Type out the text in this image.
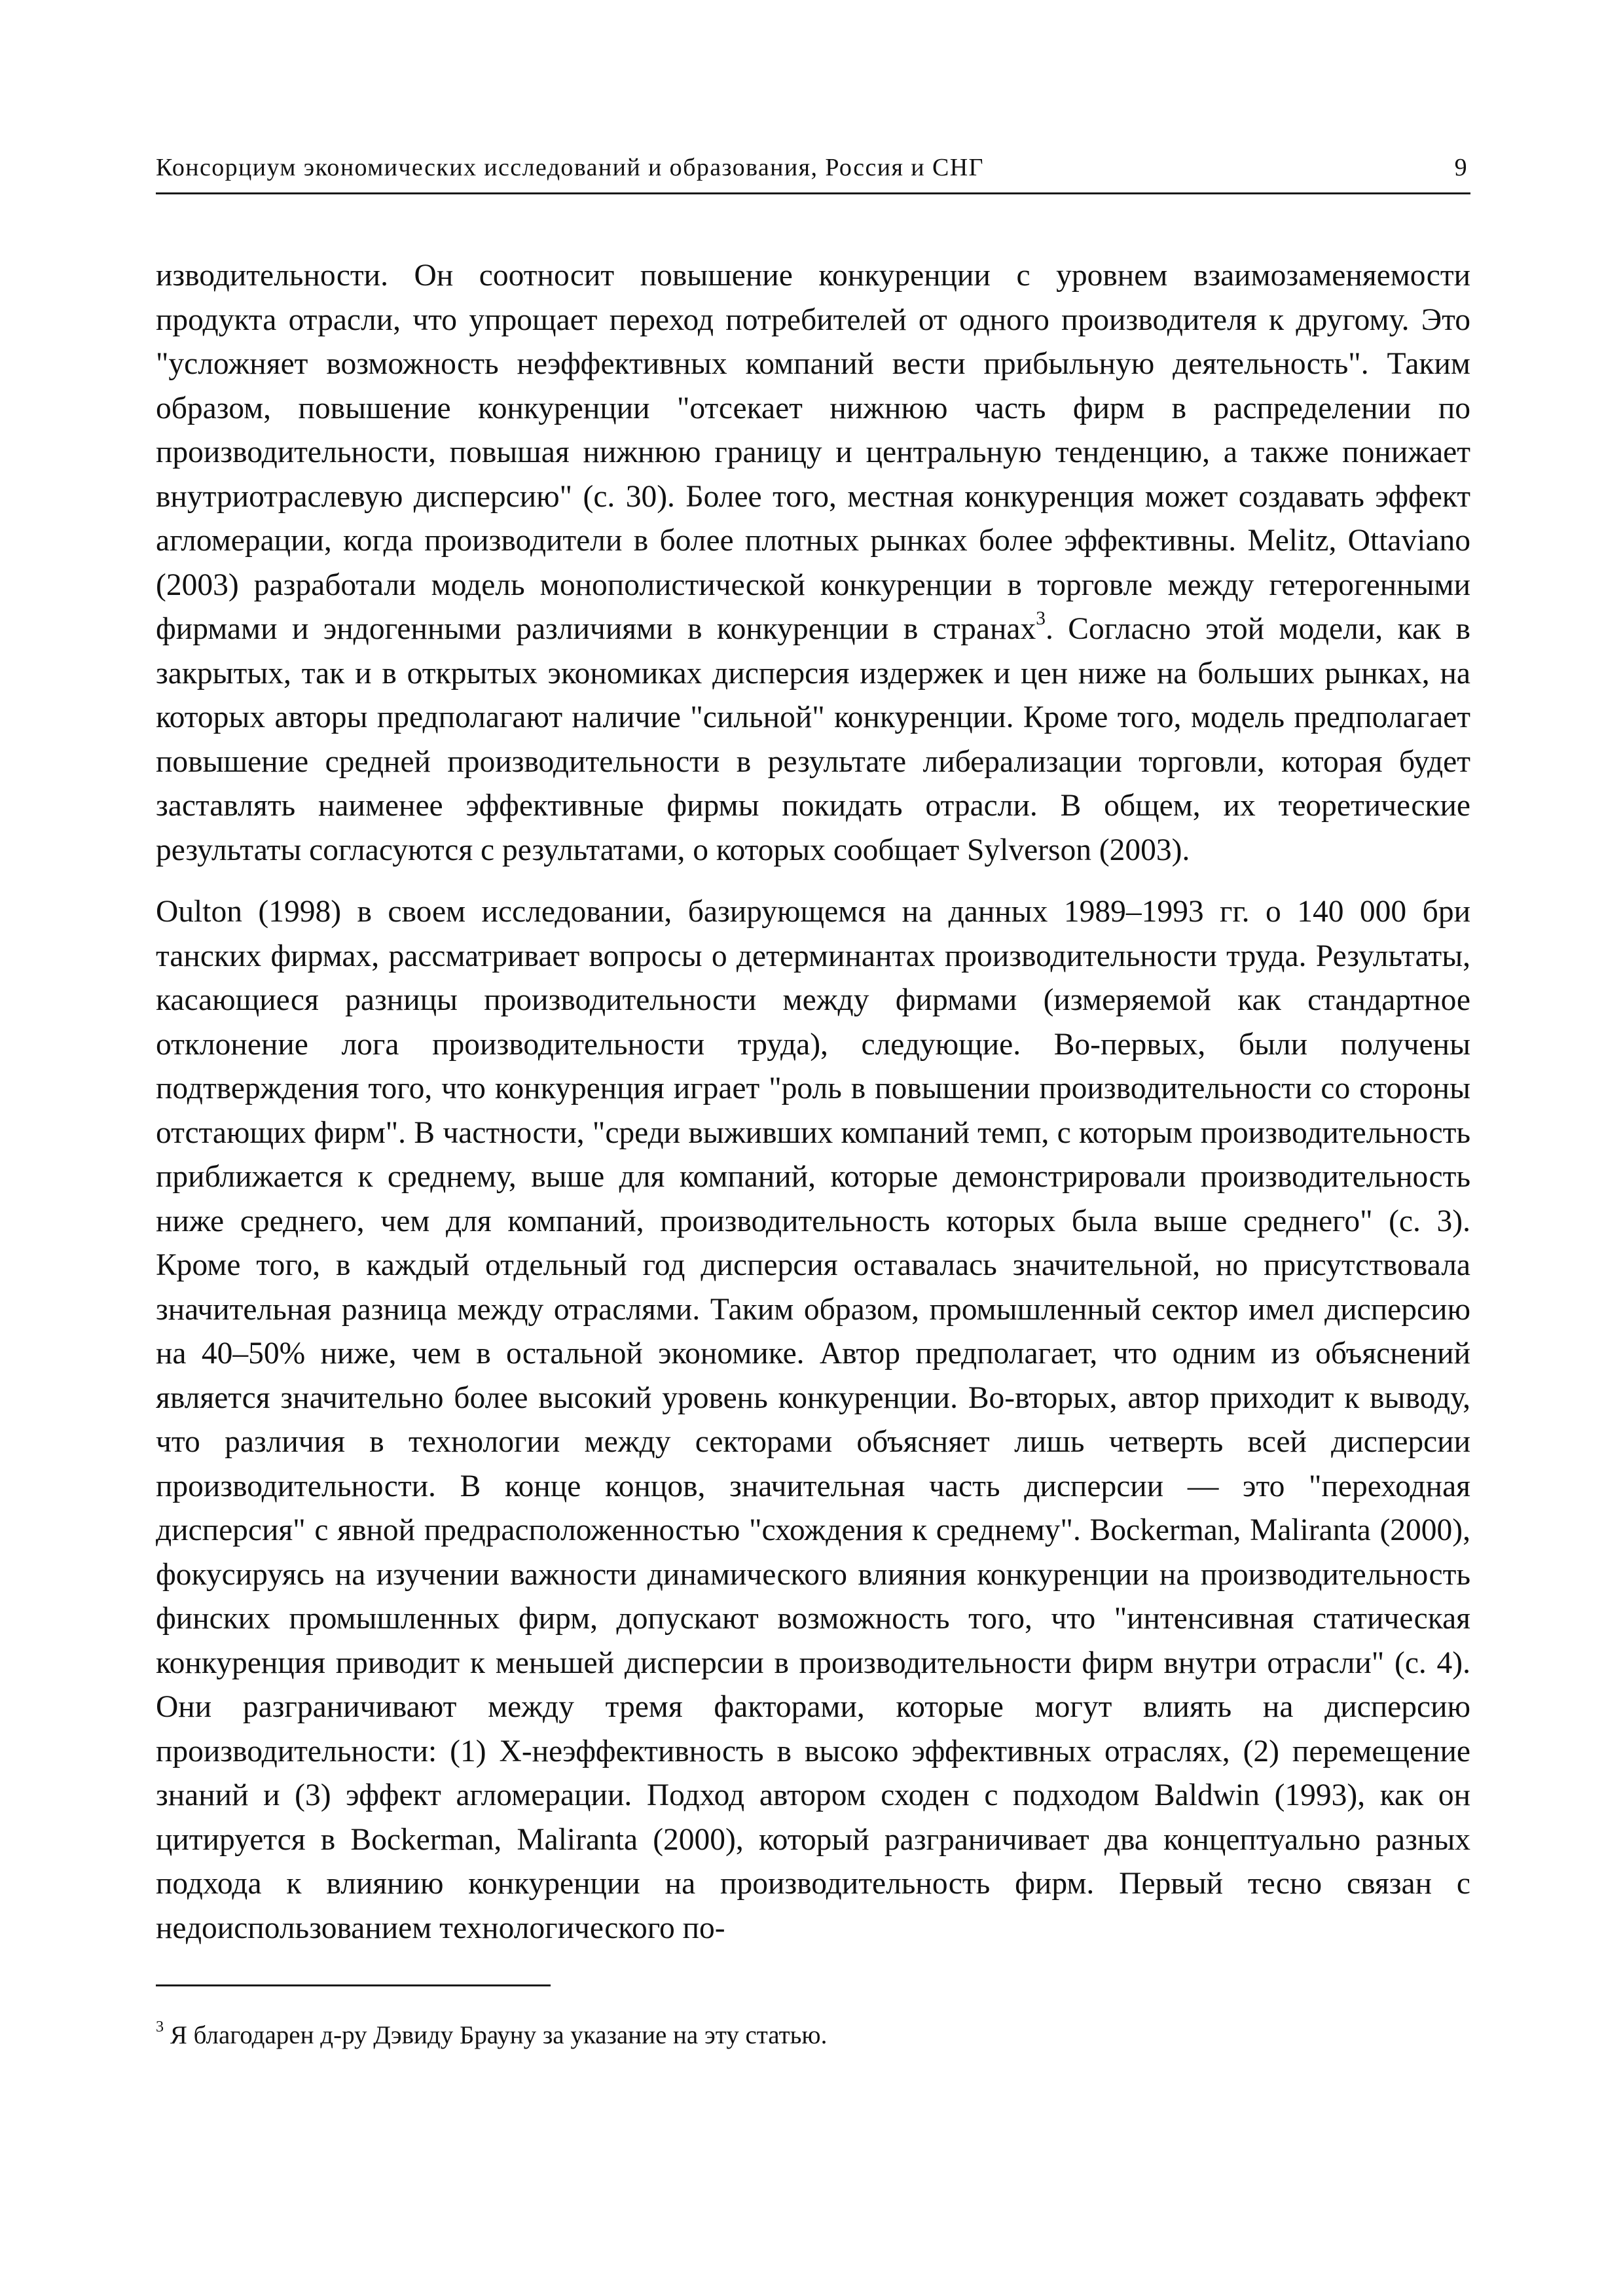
Консорциум экономических исследований и образования, Россия и СНГ	9

изводительности. Он соотносит повышение конкуренции с уровнем взаимозаменяемости продукта отрасли, что упрощает переход потребителей от одного производителя к другому. Это "усложняет возможность неэффективных компаний вести прибыльную деятельность". Таким образом, повышение конкуренции "отсекает нижнюю часть фирм в распределении по производительности, повышая нижнюю границу и центральную тенденцию, а также понижает внутриотраслевую дисперсию" (с. 30). Более того, местная конкуренция может создавать эффект агломерации, когда производители в более плотных рынках более эффективны. Melitz, Ottaviano (2003) разработали модель монополистической конкуренции в торговле между гетерогенными фирмами и эндогенными различиями в конкуренции в странах$^3$. Согласно этой модели, как в закрытых, так и в открытых экономиках дисперсия издержек и цен ниже на больших рынках, на которых авторы предполагают наличие "сильной" конкуренции. Кроме того, модель предполагает повышение средней производительности в результате либерализации торговли, которая будет заставлять наименее эффективные фирмы покидать отрасли. В общем, их теоретические результаты согласуются с результатами, о которых сообщает Sylverson (2003).

Oulton (1998) в своем исследовании, базирующемся на данных 1989–1993 гг. о 140 000 бри танских фирмах, рассматривает вопросы о детерминантах производительности труда. Результаты, касающиеся разницы производительности между фирмами (измеряемой как стандартное отклонение лога производительности труда), следующие. Во-первых, были получены подтверждения того, что конкуренция играет "роль в повышении производительности со стороны отстающих фирм". В частности, "среди выживших компаний темп, с которым производительность приближается к среднему, выше для компаний, которые демонстрировали производительность ниже среднего, чем для компаний, производительность которых была выше среднего" (с. 3). Кроме того, в каждый отдельный год дисперсия оставалась значительной, но присутствовала значительная разница между отраслями. Таким образом, промышленный сектор имел дисперсию на 40–50% ниже, чем в остальной экономике. Автор предполагает, что одним из объяснений является значительно более высокий уровень конкуренции. Во-вторых, автор приходит к выводу, что различия в технологии между секторами объясняет лишь четверть всей дисперсии производительности. В конце концов, значительная часть дисперсии — это "переходная дисперсия" с явной предрасположенностью "схождения к среднему". Bockerman, Maliranta (2000), фокусируясь на изучении важности динамического влияния конкуренции на производительность финских промышленных фирм, допускают возможность того, что "интенсивная статическая конкуренция приводит к меньшей дисперсии в производительности фирм внутри отрасли" (с. 4). Они разграничивают между тремя факторами, которые могут влиять на дисперсию производительности: (1) X-неэффективность в высоко эффективных отраслях, (2) перемещение знаний и (3) эффект агломерации. Подход автором сходен с подходом Baldwin (1993), как он цитируется в Bockerman, Maliranta (2000), который разграничивает два концептуально разных подхода к влиянию конкуренции на производительность фирм. Первый тесно связан с недоиспользованием технологического по-

$^3$ Я благодарен д-ру Дэвиду Брауну за указание на эту статью.
